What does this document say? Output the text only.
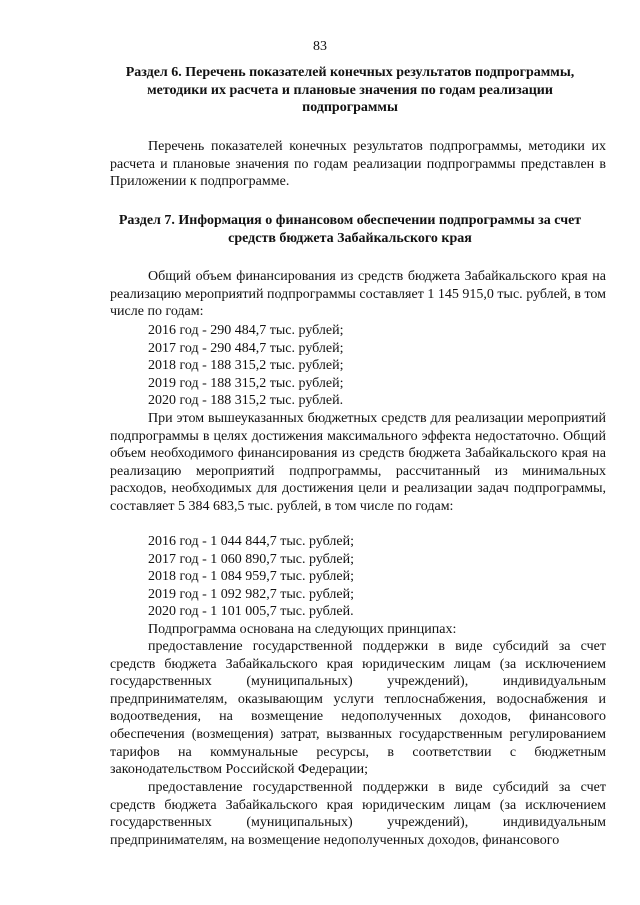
83
Раздел 6. Перечень показателей конечных результатов подпрограммы, методики их расчета и плановые значения по годам реализации подпрограммы

Перечень показателей конечных результатов подпрограммы, методики их расчета и плановые значения по годам реализации подпрограммы представлен в Приложении к подпрограмме.

Раздел 7. Информация о финансовом обеспечении подпрограммы за счет средств бюджета Забайкальского края

Общий объем финансирования из средств бюджета Забайкальского края на реализацию мероприятий подпрограммы составляет 1 145 915,0 тыс. рублей, в том числе по годам:

2016 год - 290 484,7 тыс. рублей;
2017 год - 290 484,7 тыс. рублей;
2018 год - 188 315,2 тыс. рублей;
2019 год - 188 315,2 тыс. рублей;
2020 год - 188 315,2 тыс. рублей.

При этом вышеуказанных бюджетных средств для реализации мероприятий подпрограммы в целях достижения максимального эффекта недостаточно. Общий объем необходимого финансирования из средств бюджета Забайкальского края на реализацию мероприятий подпрограммы, рассчитанный из минимальных расходов, необходимых для достижения цели и реализации задач подпрограммы, составляет 5 384 683,5 тыс. рублей, в том числе по годам:

2016 год - 1 044 844,7 тыс. рублей;
2017 год - 1 060 890,7 тыс. рублей;
2018 год - 1 084 959,7 тыс. рублей;
2019 год - 1 092 982,7 тыс. рублей;
2020 год - 1 101 005,7 тыс. рублей.
Подпрограмма основана на следующих принципах:

предоставление государственной поддержки в виде субсидий за счет средств бюджета Забайкальского края юридическим лицам (за исключением государственных (муниципальных) учреждений), индивидуальным предпринимателям, оказывающим услуги теплоснабжения, водоснабжения и водоотведения, на возмещение недополученных доходов, финансового обеспечения (возмещения) затрат, вызванных государственным регулированием тарифов на коммунальные ресурсы, в соответствии с бюджетным законодательством Российской Федерации;

предоставление государственной поддержки в виде субсидий за счет средств бюджета Забайкальского края юридическим лицам (за исключением государственных (муниципальных) учреждений), индивидуальным предпринимателям, на возмещение недополученных доходов, финансового
